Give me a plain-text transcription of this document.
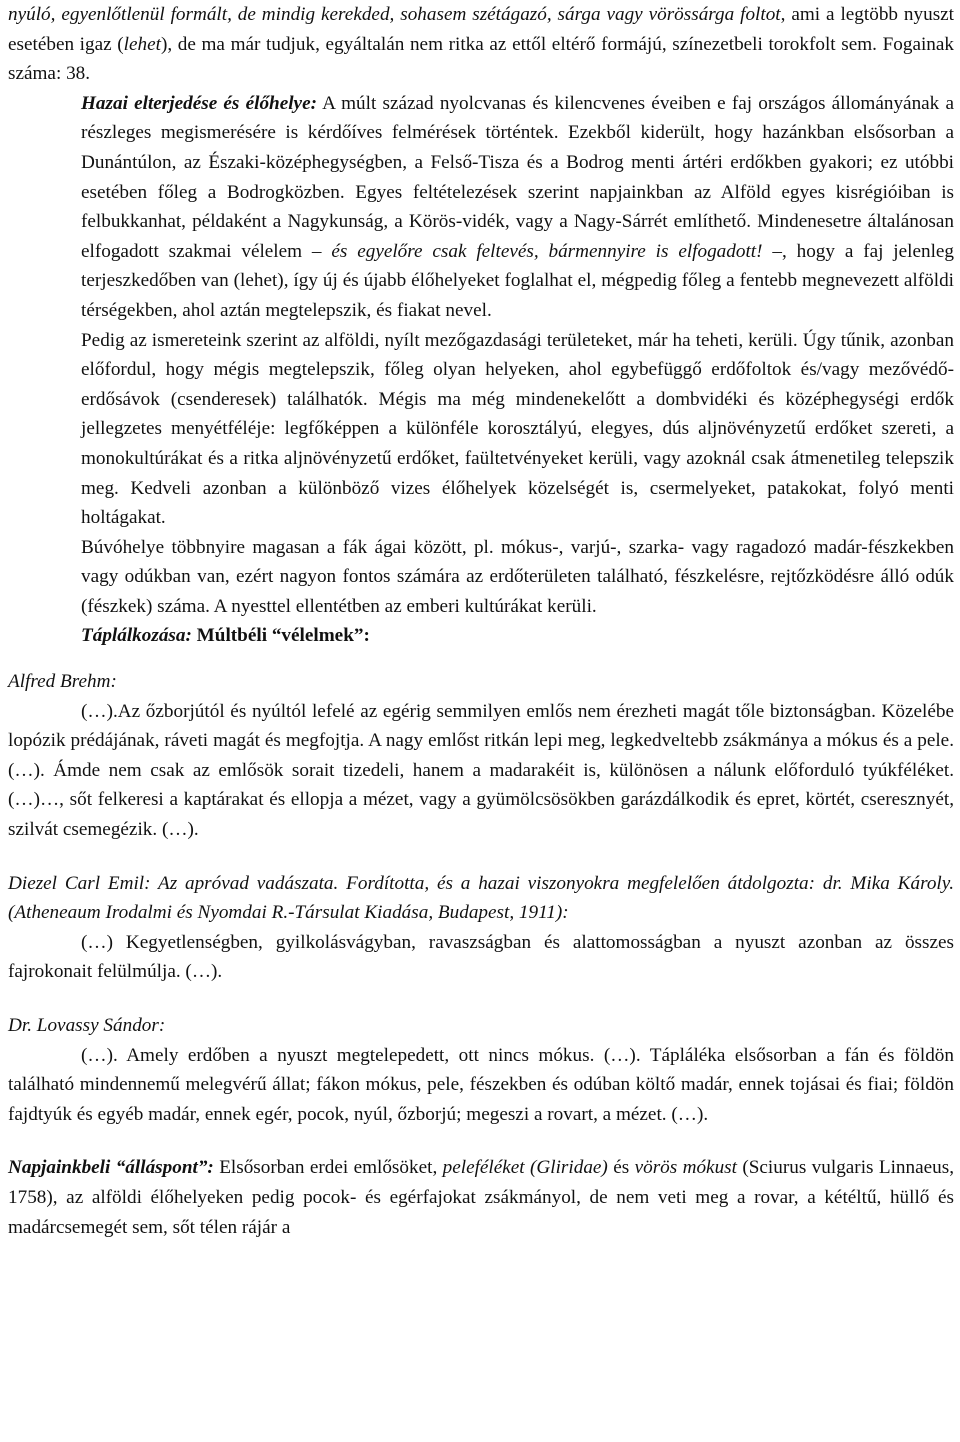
nyúló, egyenlőtlenül formált, de mindig kerekded, sohasem szétágazó, sárga vagy vörössárga foltot, ami a legtöbb nyuszt esetében igaz (lehet), de ma már tudjuk, egyáltalán nem ritka az ettől eltérő formájú, színezetbeli torokfolt sem. Fogainak száma: 38.

Hazai elterjedése és élőhelye: A múlt század nyolcvanas és kilencvenes éveiben e faj országos állományának a részleges megismerésére is kérdőíves felmérések történtek. Ezekből kiderült, hogy hazánkban elsősorban a Dunántúlon, az Északi-középhegységben, a Felső-Tisza és a Bodrog menti ártéri erdőkben gyakori; ez utóbbi esetében főleg a Bodrogközben. Egyes feltételezések szerint napjainkban az Alföld egyes kisrégióiban is felbukkanhat, példaként a Nagykunság, a Körös-vidék, vagy a Nagy-Sárrét említhető. Mindenesetre általánosan elfogadott szakmai vélelem – és egyelőre csak feltevés, bármennyire is elfogadott! –, hogy a faj jelenleg terjeszkedőben van (lehet), így új és újabb élőhelyeket foglalhat el, mégpedig főleg a fentebb megnevezett alföldi térségekben, ahol aztán megtelepszik, és fiakat nevel.

Pedig az ismereteink szerint az alföldi, nyílt mezőgazdasági területeket, már ha teheti, kerüli. Úgy tűnik, azonban előfordul, hogy mégis megtelepszik, főleg olyan helyeken, ahol egybefüggő erdőfoltok és/vagy mezővédő-erdősávok (csenderesek) találhatók. Mégis ma még mindenekelőtt a dombvidéki és középhegységi erdők jellegzetes menyétféléje: legfőképpen a különféle korosztályú, elegyes, dús aljnövényzetű erdőket szereti, a monokultúrákat és a ritka aljnövényzetű erdőket, faültetvényeket kerüli, vagy azoknál csak átmenetileg telepszik meg. Kedveli azonban a különböző vizes élőhelyek közelségét is, csermelyeket, patakokat, folyó menti holtágakat.

Búvóhelye többnyire magasan a fák ágai között, pl. mókus-, varjú-, szarka- vagy ragadozó madár-fészkekben vagy odúkban van, ezért nagyon fontos számára az erdőterületen található, fészkelésre, rejtőzködésre álló odúk (fészkek) száma. A nyesttel ellentétben az emberi kultúrákat kerüli.

Táplálkozása: Múltbéli “vélelmek”:

Alfred Brehm:

(…).Az őzborjútól és nyúltól lefelé az egérig semmilyen emlős nem érezheti magát tőle biztonságban. Közelébe lopózik prédájának, ráveti magát és megfojtja. A nagy emlőst ritkán lepi meg, legkedveltebb zsákmánya a mókus és a pele. (…). Ámde nem csak az emlősök sorait tizedeli, hanem a madarakéit is, különösen a nálunk előforduló tyúkféléket. (…)…, sőt felkeresi a kaptárakat és ellopja a mézet, vagy a gyümölcsösökben garázdálkodik és epret, körtét, cseresznyét, szilvát csemegézik. (…).

Diezel Carl Emil: Az apróvad vadászata. Fordította, és a hazai viszonyokra megfelelően átdolgozta: dr. Mika Károly. (Atheneaum Irodalmi és Nyomdai R.-Társulat Kiadása, Budapest, 1911):

(…) Kegyetlenségben, gyilkolásvágyban, ravaszságban és alattomosságban a nyuszt azonban az összes fajrokonait felülmúlja. (…).

Dr. Lovassy Sándor:

(…). Amely erdőben a nyuszt megtelepedett, ott nincs mókus. (…). Tápláléka elsősorban a fán és földön található mindennemű melegvérű állat; fákon mókus, pele, fészekben és odúban költő madár, ennek tojásai és fiai; földön fajdtyúk és egyéb madár, ennek egér, pocok, nyúl, őzborjú; megeszi a rovart, a mézet. (…).

Napjainkbeli “álláspont”: Elsősorban erdei emlősöket, peleféléket (Gliridae) és vörös mókust (Sciurus vulgaris Linnaeus, 1758), az alföldi élőhelyeken pedig pocok- és egérfajokat zsákmányol, de nem veti meg a rovar, a kétéltű, hüllő és madárcsemegét sem, sőt télen rájár a
